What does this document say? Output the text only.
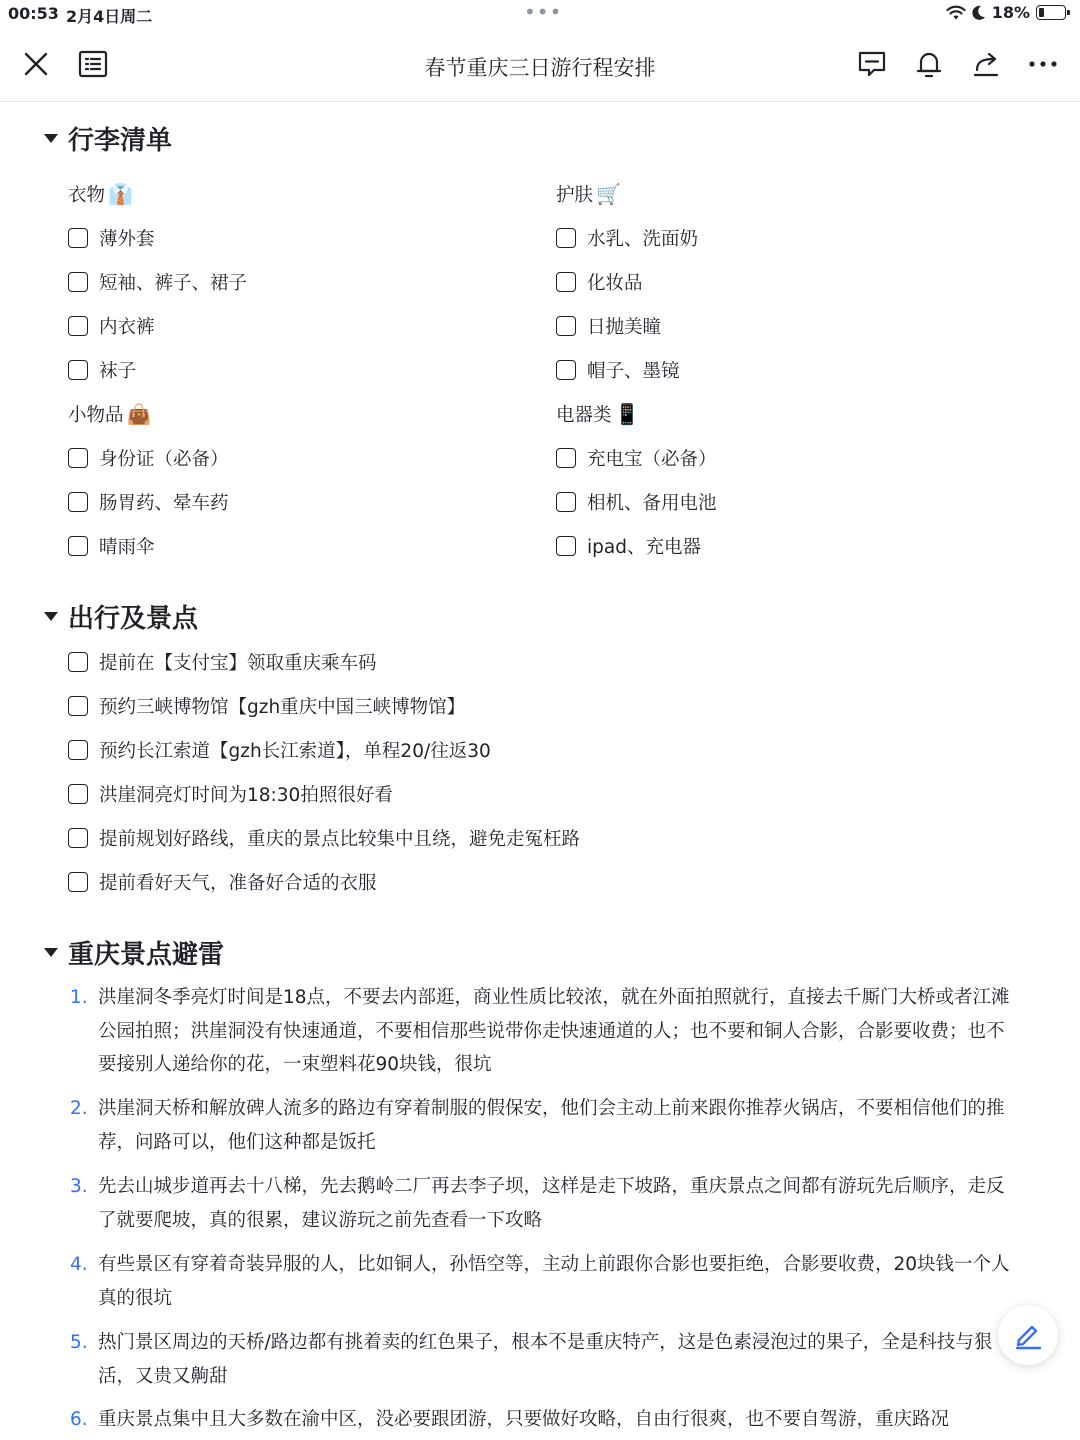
00:53 2月4日周二	•••	18%
春节重庆三日游行程安排
行李清单
衣物 👔
薄外套
短袖、裤子、裙子
内衣裤
袜子
小物品 👜
身份证（必备）
肠胃药、晕车药
晴雨伞
护肤 🛒
水乳、洗面奶
化妆品
日抛美瞳
帽子、墨镜
电器类 📱
充电宝（必备）
相机、备用电池
ipad、充电器
出行及景点
提前在【支付宝】领取重庆乘车码
预约三峡博物馆【gzh重庆中国三峡博物馆】
预约长江索道【gzh长江索道】，单程20/往返30
洪崖洞亮灯时间为18:30拍照很好看
提前规划好路线，重庆的景点比较集中且绕，避免走冤枉路
提前看好天气，准备好合适的衣服
重庆景点避雷
1. 洪崖洞冬季亮灯时间是18点，不要去内部逛，商业性质比较浓，就在外面拍照就行，直接去千厮门大桥或者江滩公园拍照；洪崖洞没有快速通道，不要相信那些说带你走快速通道的人；也不要和铜人合影，合影要收费；也不要接别人递给你的花，一束塑料花90块钱，很坑
2. 洪崖洞天桥和解放碑人流多的路边有穿着制服的假保安，他们会主动上前来跟你推荐火锅店，不要相信他们的推荐，问路可以，他们这种都是饭托
3. 先去山城步道再去十八梯，先去鹅岭二厂再去李子坝，这样是走下坡路，重庆景点之间都有游玩先后顺序，走反了就要爬坡，真的很累，建议游玩之前先查看一下攻略
4. 有些景区有穿着奇装异服的人，比如铜人，孙悟空等，主动上前跟你合影也要拒绝，合影要收费，20块钱一个人真的很坑
5. 热门景区周边的天桥/路边都有挑着卖的红色果子，根本不是重庆特产，这是色素浸泡过的果子，全是科技与狠活，又贵又齁甜
6. 重庆景点集中且大多数在渝中区，没必要跟团游，只要做好攻略，自由行很爽，也不要自驾游，重庆路况
